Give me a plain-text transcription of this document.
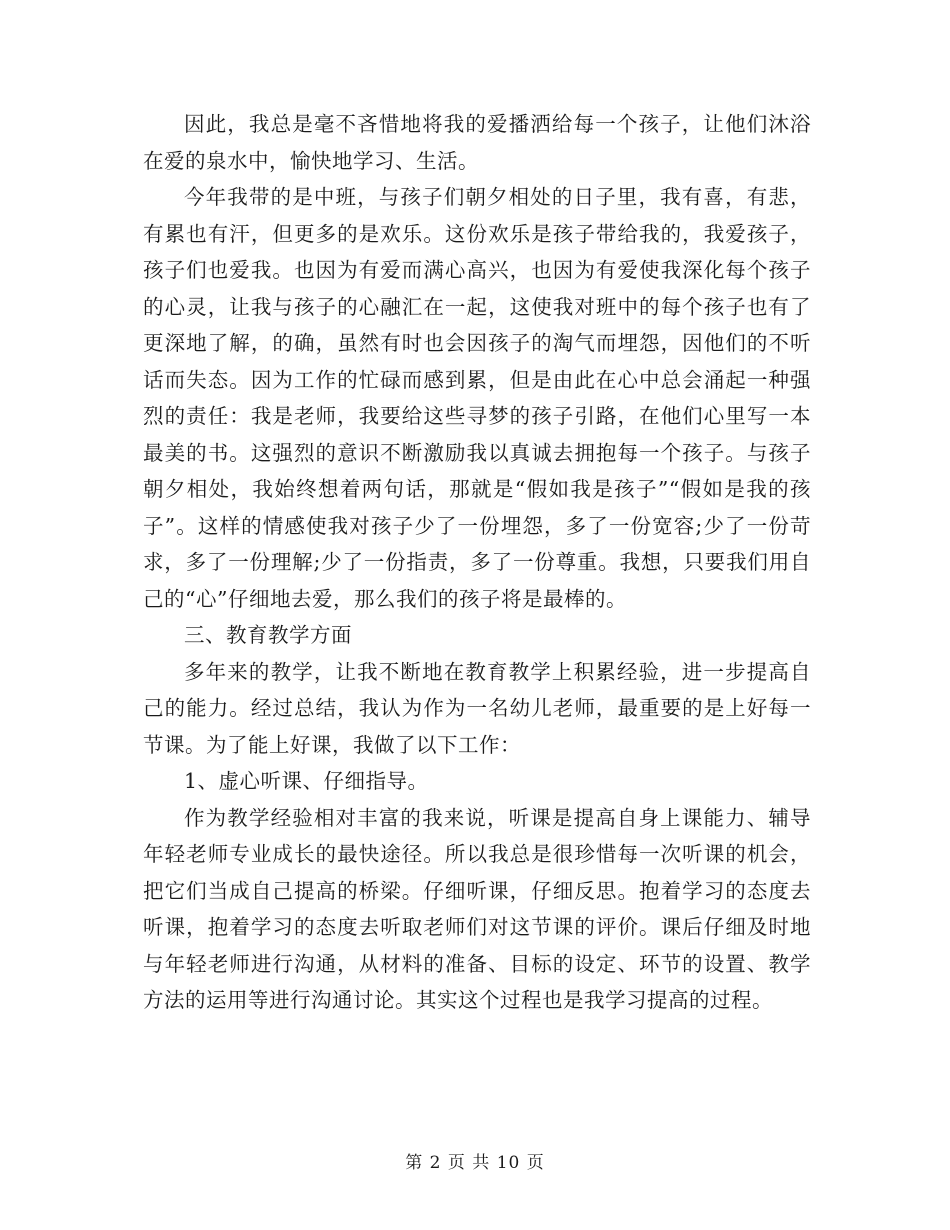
因此，我总是毫不吝惜地将我的爱播洒给每一个孩子，让他们沐浴在爱的泉水中，愉快地学习、生活。

今年我带的是中班，与孩子们朝夕相处的日子里，我有喜，有悲，有累也有汗，但更多的是欢乐。这份欢乐是孩子带给我的，我爱孩子，孩子们也爱我。也因为有爱而满心高兴，也因为有爱使我深化每个孩子的心灵，让我与孩子的心融汇在一起，这使我对班中的每个孩子也有了更深地了解，的确，虽然有时也会因孩子的淘气而埋怨，因他们的不听话而失态。因为工作的忙碌而感到累，但是由此在心中总会涌起一种强烈的责任：我是老师，我要给这些寻梦的孩子引路，在他们心里写一本最美的书。这强烈的意识不断激励我以真诚去拥抱每一个孩子。与孩子朝夕相处，我始终想着两句话，那就是“假如我是孩子”“假如是我的孩子”。这样的情感使我对孩子少了一份埋怨，多了一份宽容;少了一份苛求，多了一份理解;少了一份指责，多了一份尊重。我想，只要我们用自己的“心”仔细地去爱，那么我们的孩子将是最棒的。

三、教育教学方面

多年来的教学，让我不断地在教育教学上积累经验，进一步提高自己的能力。经过总结，我认为作为一名幼儿老师，最重要的是上好每一节课。为了能上好课，我做了以下工作：

1、虚心听课、仔细指导。

作为教学经验相对丰富的我来说，听课是提高自身上课能力、辅导年轻老师专业成长的最快途径。所以我总是很珍惜每一次听课的机会，把它们当成自己提高的桥梁。仔细听课，仔细反思。抱着学习的态度去听课，抱着学习的态度去听取老师们对这节课的评价。课后仔细及时地与年轻老师进行沟通，从材料的准备、目标的设定、环节的设置、教学方法的运用等进行沟通讨论。其实这个过程也是我学习提高的过程。

第 2 页 共 10 页
